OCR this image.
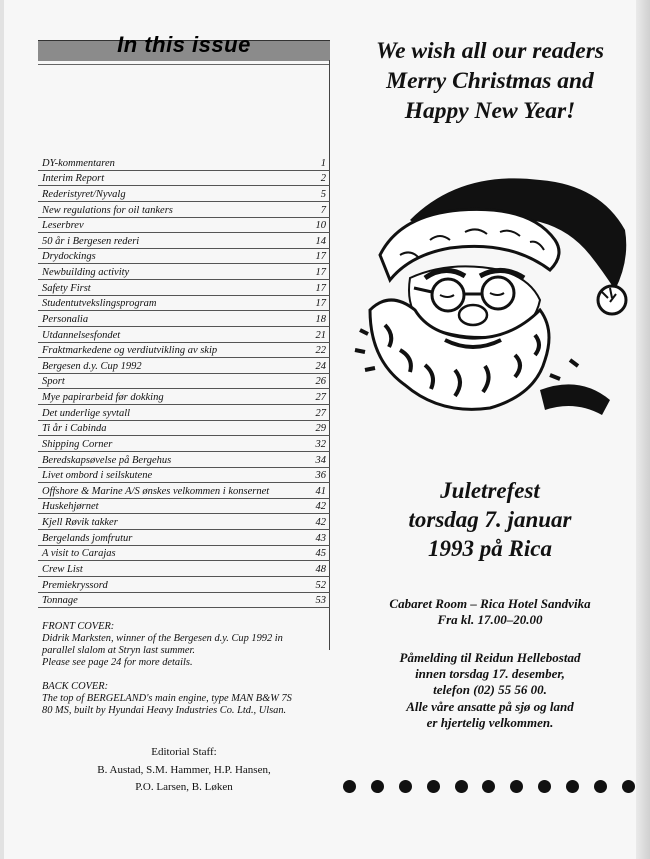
In this issue
DY-kommentaren	1
Interim Report	2
Rederistyret/Nyvalg	5
New regulations for oil tankers	7
Leserbrev	10
50 år i Bergesen rederi	14
Drydockings	17
Newbuilding activity	17
Safety First	17
Studentutvekslingsprogram	17
Personalia	18
Utdannelsesfondet	21
Fraktmarkedene og verdiutvikling av skip	22
Bergesen d.y. Cup 1992	24
Sport	26
Mye papirarbeid før dokking	27
Det underlige syvtall	27
Ti år i Cabinda	29
Shipping Corner	32
Beredskapsøvelse på Bergehus	34
Livet ombord i seilskutene	36
Offshore & Marine A/S ønskes velkommen i konsernet	41
Huskehjørnet	42
Kjell Røvik takker	42
Bergelands jomfrutur	43
A visit to Carajas	45
Crew List	48
Premiekryssord	52
Tonnage	53
FRONT COVER:
Didrik Marksten, winner of the Bergesen d.y. Cup 1992 in
parallel slalom at Stryn last summer.
Please see page 24 for more details.
BACK COVER:
The top of BERGELAND's main engine, type MAN B&W 7S
80 MS, built by Hyundai Heavy Industries Co. Ltd., Ulsan.
Editorial Staff:
B. Austad, S.M. Hammer, H.P. Hansen,
P.O. Larsen, B. Løken
We wish all our readers
Merry Christmas and
Happy New Year!
Juletrefest
torsdag 7. januar
1993 på Rica
Cabaret Room – Rica Hotel Sandvika
Fra kl. 17.00–20.00
Påmelding til Reidun Hellebostad
innen torsdag 17. desember,
telefon (02) 55 56 00.
Alle våre ansatte på sjø og land
er hjertelig velkommen.
